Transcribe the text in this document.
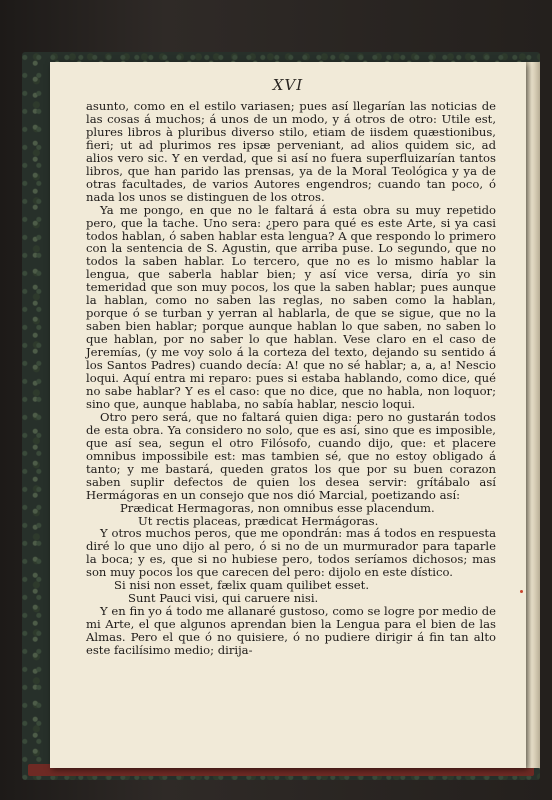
XVI

asunto, como en el estilo variasen; pues así llegarían las noticias de las cosas á muchos; á unos de un modo, y á otros de otro: Utile est, plures libros à pluribus diverso stilo, etiam de iisdem quæstionibus, fieri; ut ad plurimos res ipsæ perveniant, ad alios quidem sic, ad alios vero sic. Y en verdad, que si así no fuera superfluizarían tantos libros, que han parido las prensas, ya de la Moral Teológica y ya de otras facultades, de varios Autores engendros; cuando tan poco, ó nada los unos se distinguen de los otros.

Ya me pongo, en que no le faltará á esta obra su muy repetido pero, que la tache. Uno sera: ¿pero para qué es este Arte, si ya casi todos hablan, ó saben hablar esta lengua? A que respondo lo primero con la sentencia de S. Agustin, que arriba puse. Lo segundo, que no todos la saben hablar. Lo tercero, que no es lo mismo hablar la lengua, que saberla hablar bien; y así vice versa, diría yo sin temeridad que son muy pocos, los que la saben hablar; pues aunque la hablan, como no saben las reglas, no saben como la hablan, porque ó se turban y yerran al hablarla, de que se sigue, que no la saben bien hablar; porque aunque hablan lo que saben, no saben lo que hablan, por no saber lo que hablan. Vese claro en el caso de Jeremías, (y me voy solo á la corteza del texto, dejando su sentido á los Santos Padres) cuando decía: A! que no sé hablar; a, a, a! Nescio loqui. Aquí entra mi reparo: pues si estaba hablando, como dice, qué no sabe hablar? Y es el caso: que no dice, que no habla, non loquor; sino que, aunque hablaba, no sabía hablar, nescio loqui.

Otro pero será, que no faltará quien diga: pero no gustarán todos de esta obra. Ya considero no solo, que es así, sino que es imposible, que así sea, segun el otro Filósofo, cuando dijo, que: et placere omnibus impossibile est: mas tambien sé, que no estoy obligado á tanto; y me bastará, queden gratos los que por su buen corazon saben suplir defectos de quien los desea servir: grítábalo así Hermágoras en un consejo que nos dió Marcial, poetizando así:

Prædicat Hermagoras, non omnibus esse placendum.

Ut rectis placeas, prædicat Hermágoras.

Y otros muchos peros, que me opondrán: mas á todos en respuesta diré lo que uno dijo al pero, ó si no de un murmurador para taparle la boca; y es, que si no hubiese pero, todos seríamos dichosos; mas son muy pocos los que carecen del pero: dijolo en este dístico.

Si nisi non esset, fælix quam quilibet esset.

Sunt Pauci visi, qui caruere nisi.

Y en fin yo á todo me allanaré gustoso, como se logre por medio de mi Arte, el que algunos aprendan bien la Lengua para el bien de las Almas. Pero el que ó no quisiere, ó no pudiere dirigir á fin tan alto este facilísimo medio; dirija-
